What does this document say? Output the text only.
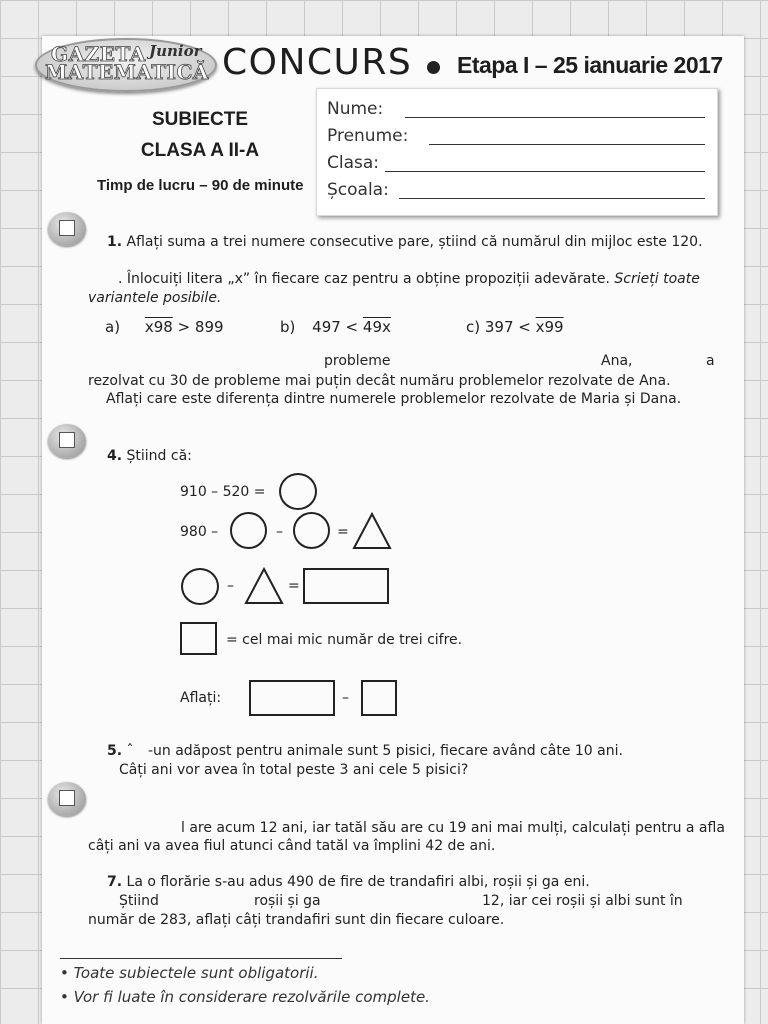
GAZETA Junior
MATEMATICĂ CONCURS Etapa I – 25 ianuarie 2017
SUBIECTE
CLASA A II-A
Timp de lucru – 90 de minute
Nume:
Prenume:
Clasa:
Școala:
1. Aflați suma a trei numere consecutive pare, știind că numărul din mijloc este 120.
. Înlocuiți litera „x” în fiecare caz pentru a obține propoziții adevărate. Scrieți toate
variantele posibile.
a) x98 > 899	b) 497 < 49x	c) 397 < x99
probleme	Ana,	a
rezolvat cu 30 de probleme mai puțin decât număru problemelor rezolvate de Ana.
Aflați care este diferența dintre numerele problemelor rezolvate de Maria și Dana.
4. Știind că:
910 – 520 =
980 –	–	=
–	=
= cel mai mic număr de trei cifre.
Aflați:	–
5. ˆ -un adăpost pentru animale sunt 5 pisici, fiecare având câte 10 ani.
Câți ani vor avea în total peste 3 ani cele 5 pisici?
l are acum 12 ani, iar tatăl său are cu 19 ani mai mulți, calculați pentru a afla
câți ani va avea fiul atunci când tatăl va împlini 42 de ani.
7. La o florărie s-au adus 490 de fire de trandafiri albi, roșii și ga eni.
Știind	roșii și ga	12, iar cei roșii și albi sunt în
număr de 283, aflați câți trandafiri sunt din fiecare culoare.
• Toate subiectele sunt obligatorii.
• Vor fi luate în considerare rezolvările complete.
